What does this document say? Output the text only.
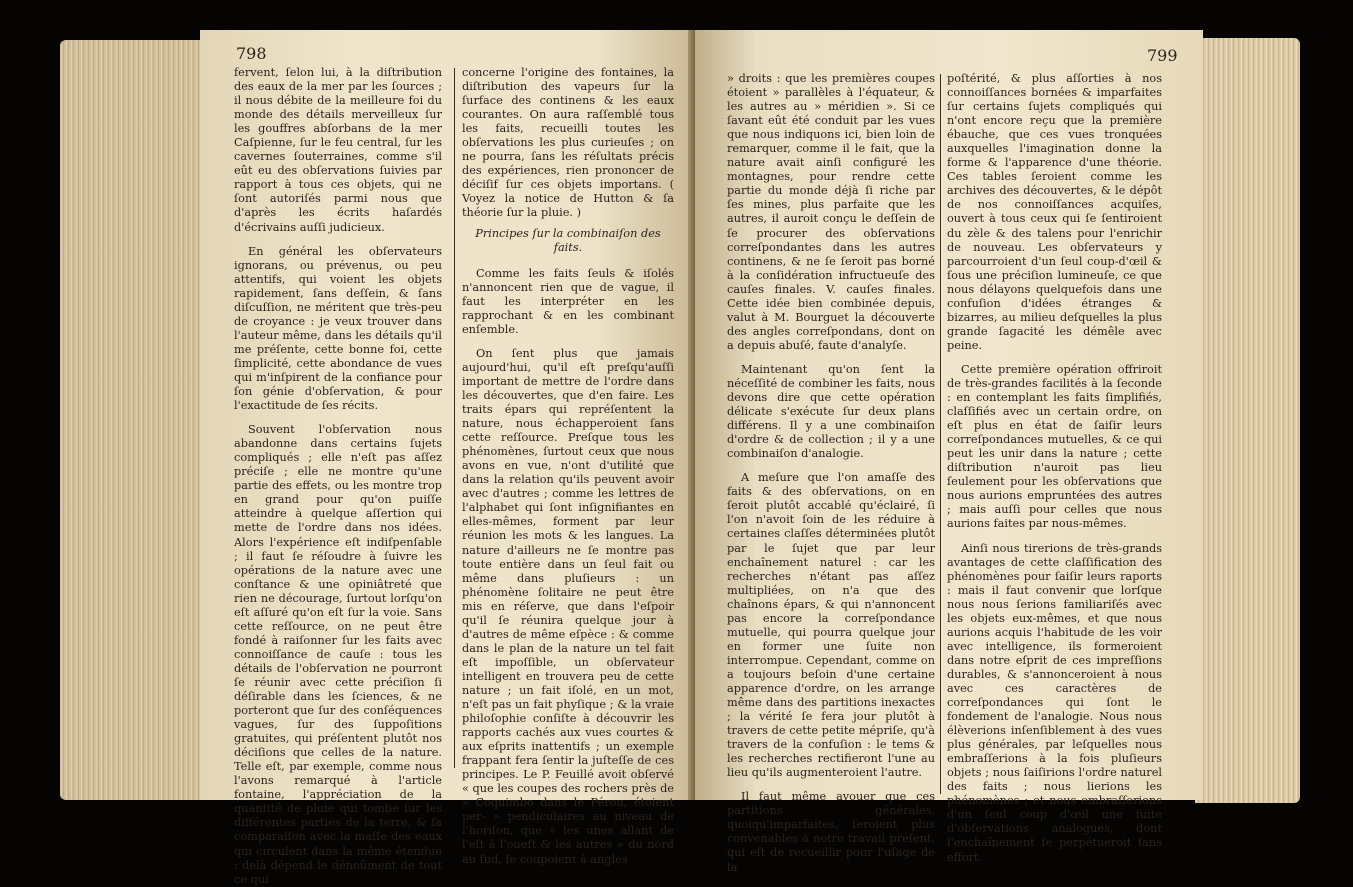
798

fervent, ſelon lui, à la diſtribution des eaux de la mer par les ſources ; il nous débite de la meilleure foi du monde des détails merveilleux ſur les gouffres abſorbans de la mer Caſpienne, ſur le feu central, ſur les cavernes ſouterraines, comme s'il eût eu des obſervations ſuivies par rapport à tous ces objets, qui ne ſont autoriſés parmi nous que d'après les écrits haſardés d'écrivains auſſi judicieux.

En général les obſervateurs ignorans, ou prévenus, ou peu attentifs, qui voient les objets rapidement, ſans deſſein, & ſans diſcuſſion, ne méritent que très-peu de croyance : je veux trouver dans l'auteur même, dans les détails qu'il me préſente, cette bonne foi, cette ſimplicité, cette abondance de vues qui m'inſpirent de la confiance pour ſon génie d'obſervation, & pour l'exactitude de ſes récits.

Souvent l'obſervation nous abandonne dans certains ſujets compliqués ; elle n'eſt pas aſſez préciſe ; elle ne montre qu'une partie des effets, ou les montre trop en grand pour qu'on puiſſe atteindre à quelque aſſertion qui mette de l'ordre dans nos idées. Alors l'expérience eſt indiſpenſable ; il faut ſe réſoudre à ſuivre les opérations de la nature avec une conſtance & une opiniâtreté que rien ne décourage, ſurtout lorſqu'on eſt aſſuré qu'on eſt ſur la voie. Sans cette reſſource, on ne peut être fondé à raiſonner ſur les faits avec connoiſſance de cauſe : tous les détails de l'obſervation ne pourront ſe réunir avec cette préciſion ſi déſirable dans les ſciences, & ne porteront que ſur des conſéquences vagues, ſur des ſuppoſitions gratuites, qui préſentent plutôt nos déciſions que celles de la nature. Telle eſt, par exemple, comme nous l'avons remarqué à l'article fontaine, l'appréciation de la quantité de pluie qui tombe ſur les différentes parties de la terre, & ſa comparaiſon avec la maſſe des eaux qui circulent dans la même étendue : delà dépend le dénoûment de tout ce qui

concerne l'origine des fontaines, la diſtribution des vapeurs ſur la ſurface des continens & les eaux courantes. On aura raſſemblé tous les faits, recueilli toutes les obſervations les plus curieuſes ; on ne pourra, ſans les réſultats précis des expériences, rien prononcer de déciſif ſur ces objets importans. ( Voyez la notice de Hutton & ſa théorie ſur la pluie. )

Principes ſur la combinaiſon des faits.

Comme les faits ſeuls & iſolés n'annoncent rien que de vague, il faut les interpréter en les rapprochant & en les combinant enſemble.

On ſent plus que jamais aujourd'hui, qu'il eſt preſqu'auſſi important de mettre de l'ordre dans les découvertes, que d'en faire. Les traits épars qui repréſentent la nature, nous échapperoient ſans cette reſſource. Preſque tous les phénomènes, ſurtout ceux que nous avons en vue, n'ont d'utilité que dans la relation qu'ils peuvent avoir avec d'autres ; comme les lettres de l'alphabet qui ſont inſignifiantes en elles-mêmes, forment par leur réunion les mots & les langues. La nature d'ailleurs ne ſe montre pas toute entière dans un ſeul fait ou même dans pluſieurs : un phénomène ſolitaire ne peut être mis en réſerve, que dans l'eſpoir qu'il ſe réunira quelque jour à d'autres de même eſpèce : & comme dans le plan de la nature un tel fait eſt impoſſible, un obſervateur intelligent en trouvera peu de cette nature ; un fait iſolé, en un mot, n'eſt pas un fait phyſique ; & la vraie philoſophie conſiſte à découvrir les rapports cachés aux vues courtes & aux eſprits inattentifs ; un exemple frappant fera ſentir la juſteſſe de ces principes. Le P. Feuillé avoit obſervé « que les coupes des rochers près de » Coquimbo dans le Pérou, étoient per- » pendiculaires au niveau de l'horiſon, que » les unes allant de l'eſt à l'oueſt & les autres » du nord au ſud, ſe coupoient à angles

799

» droits : que les premières coupes étoient » parallèles à l'équateur, & les autres au » méridien ». Si ce ſavant eût été conduit par les vues que nous indiquons ici, bien loin de remarquer, comme il le fait, que la nature avait ainſi configuré les montagnes, pour rendre cette partie du monde déjà ſi riche par ſes mines, plus parfaite que les autres, il auroit conçu le deſſein de ſe procurer des obſervations correſpondantes dans les autres continens, & ne ſe ſeroit pas borné à la conſidération infructueuſe des cauſes finales. V. cauſes finales. Cette idée bien combinée depuis, valut à M. Bourguet la découverte des angles correſpondans, dont on a depuis abuſé, faute d'analyſe.

Maintenant qu'on ſent la néceſſité de combiner les faits, nous devons dire que cette opération délicate s'exécute ſur deux plans différens. Il y a une combinaiſon d'ordre & de collection ; il y a une combinaiſon d'analogie.

A meſure que l'on amaſſe des faits & des obſervations, on en ſeroit plutôt accablé qu'éclairé, ſi l'on n'avoit ſoin de les réduire à certaines claſſes déterminées plutôt par le ſujet que par leur enchaînement naturel : car les recherches n'étant pas aſſez multipliées, on n'a que des chaînons épars, & qui n'annoncent pas encore la correſpondance mutuelle, qui pourra quelque jour en former une ſuite non interrompue. Cependant, comme on a toujours beſoin d'une certaine apparence d'ordre, on les arrange même dans des partitions inexactes ; la vérité ſe fera jour plutôt à travers de cette petite mépriſe, qu'à travers de la confuſion : le tems & les recherches rectifieront l'une au lieu qu'ils augmenteroient l'autre.

Il faut même avouer que ces partitions générales, quoiqu'imparfaites, ſeroient plus convenables à notre travail préſent, qui eſt de recueillir pour l'uſage de la

poſtérité, & plus aſſorties à nos connoiſſances bornées & imparfaites ſur certains ſujets compliqués qui n'ont encore reçu que la première ébauche, que ces vues tronquées auxquelles l'imagination donne la forme & l'apparence d'une théorie. Ces tables ſeroient comme les archives des découvertes, & le dépôt de nos connoiſſances acquiſes, ouvert à tous ceux qui ſe ſentiroient du zèle & des talens pour l'enrichir de nouveau. Les obſervateurs y parcourroient d'un ſeul coup-d'œil & ſous une préciſion lumineuſe, ce que nous délayons quelquefois dans une confuſion d'idées étranges & bizarres, au milieu deſquelles la plus grande ſagacité les démêle avec peine.

Cette première opération offriroit de très-grandes facilités à la ſeconde : en contemplant les faits ſimplifiés, claſſifiés avec un certain ordre, on eſt plus en état de ſaiſir leurs correſpondances mutuelles, & ce qui peut les unir dans la nature ; cette diſtribution n'auroit pas lieu ſeulement pour les obſervations que nous aurions empruntées des autres ; mais auſſi pour celles que nous aurions faites par nous-mêmes.

Ainſi nous tirerions de très-grands avantages de cette claſſification des phénomènes pour ſaiſir leurs raports : mais il faut convenir que lorſque nous nous ſerions familiariſés avec les objets eux-mêmes, et que nous aurions acquis l'habitude de les voir avec intelligence, ils formeroient dans notre eſprit de ces impreſſions durables, & s'annonceroient à nous avec ces caractères de correſpondances qui ſont le fondement de l'analogie. Nous nous élèverions inſenſiblement à des vues plus générales, par leſquelles nous embraſſerions à la fois pluſieurs objets ; nous ſaiſirions l'ordre naturel des faits ; nous lierions les phénomènes ; et nous embraſſerions d'un ſeul coup d'œil une ſuite d'obſervations analogues, dont l'enchaînement ſe perpétueroit ſans effort.
